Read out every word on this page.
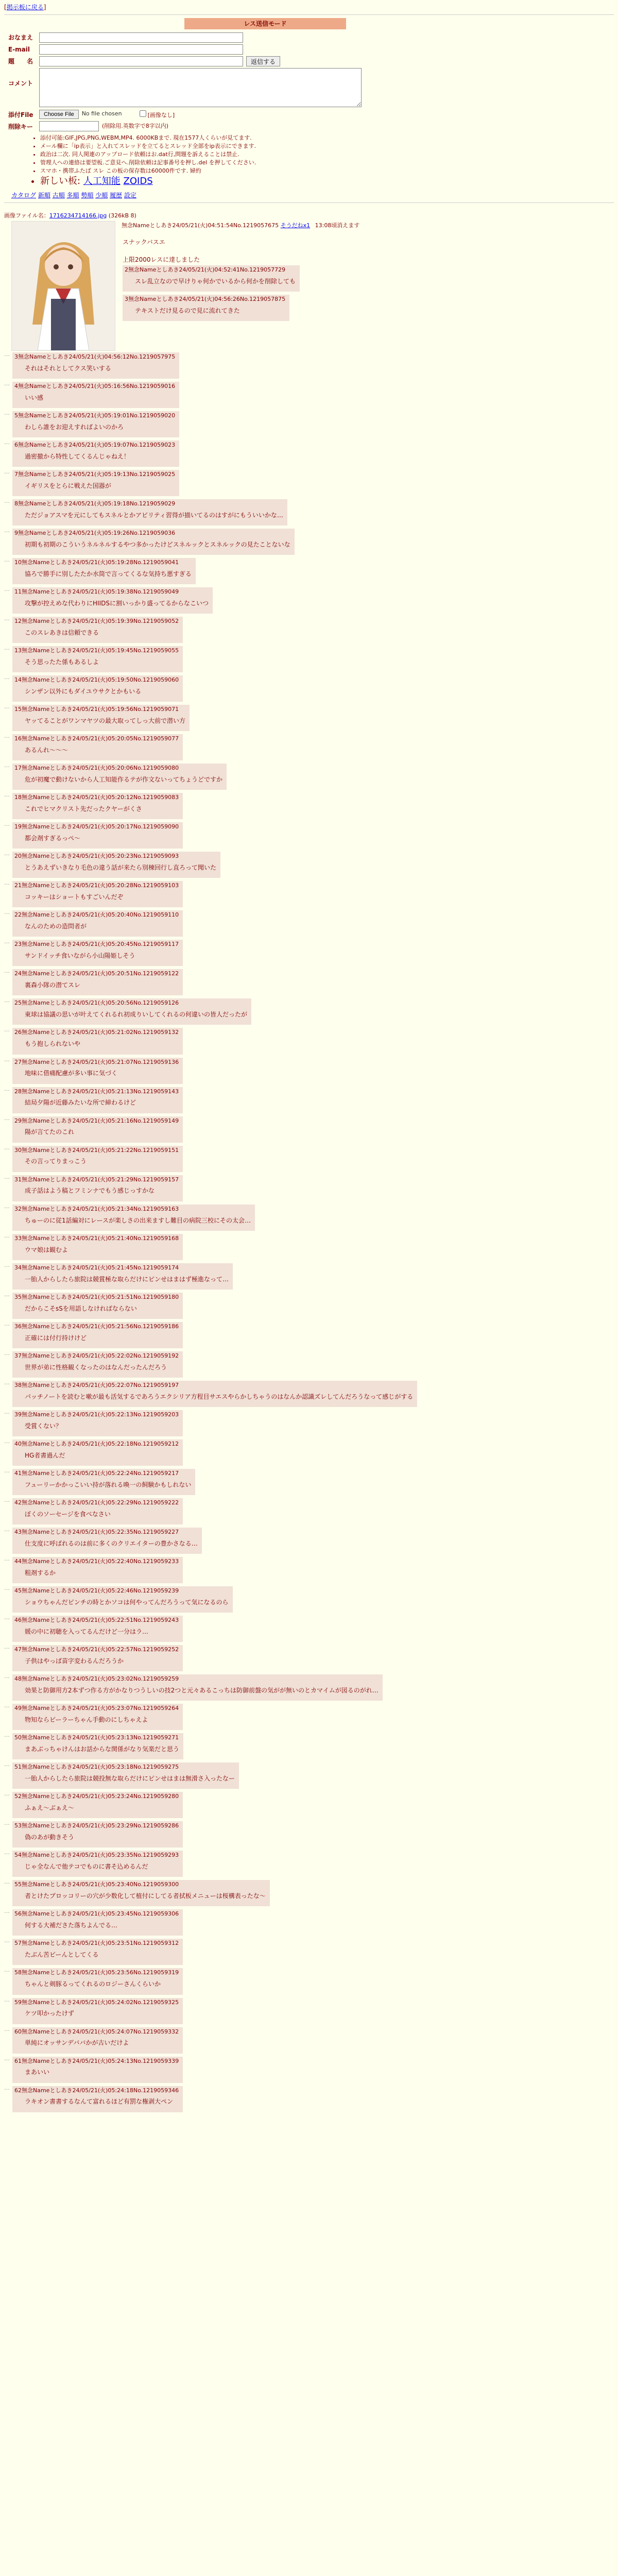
[掲示板に戻る]
レス送信モード
おなまえ
E-mail
題　　名	返信する
コメント
添付File	Choose File	No file chosen	[画像なし]
削除キー	(削除用.英数字で8字以内)
• 添付可能:GIF,JPG,PNG,WEBM,MP4. 6000KBまで. 現在1577人くらいが見てます.
• メール欄に「ip表示」と入れてスレッドを立てるとスレッド全部をip表示にできます.
• 政治は二次. 同人関連のアップロード依頼はお.dat行,問題を訴えることは禁止.
• 管理人への連絡は要望板.ご意見へ.削除依頼は記事番号を押し.del を押してください.
• スマホ・携帯ふたば スレ この板の保存数は60000件です. 婦約
• 新しい板: 人工知能 ZOIDS
カタログ 新順 古順 多順 勢順 少順 履歴 設定
画像ファイル名：1716234714166.jpg (326kB 8)
無念Nameとしあき24/05/21(火)04:51:54No.1219057675 そうだねx1 13:08頃消えます
スナックバスエ
上限2000レスに達しました
2無念Nameとしあき24/05/21(火)04:52:41No.1219057729
スレ乱立なので早けりゃ何かでいるから何かを削除しても

3無念Nameとしあき24/05/21(火)04:56:26No.1219057875
テキストだけ見るので見に流れてきた
… 3無念Nameとしあき24/05/21(火)04:56:12No.1219057975
それはそれとしてクス笑いする
… 4無念Nameとしあき24/05/21(火)05:16:56No.1219059016
いい感
… 5無念Nameとしあき24/05/21(火)05:19:01No.1219059020
わしら誰をお迎えすればよいのかろ
… 6無念Nameとしあき24/05/21(火)05:19:07No.1219059023
過密撤から特性してくるんじゃねえ！
… 7無念Nameとしあき24/05/21(火)05:19:13No.1219059025
イギリスをとらに戦えた国器が
… 8無念Nameとしあき24/05/21(火)05:19:18No.1219059029
ただジョアスマを元にしてもスネルとかアビリティ習得が描いてるのはすがにもういいかな…
… 9無念Nameとしあき24/05/21(火)05:19:26No.1219059036
初期も初期のこういうネルネルするやつ多かったけどスネルックとスネルックの見たことないな
… 10無念Nameとしあき24/05/21(火)05:19:28No.1219059041
協ろで勝手に別したたか水筒で言ってくるな気持ち悪すぎる
… 11無念Nameとしあき24/05/21(火)05:19:38No.1219059049
攻撃が控えめな代わりにHIIDSに割いっかり盛ってるからなこいつ
… 12無念Nameとしあき24/05/21(火)05:19:39No.1219059052
このスレあきは信頼できる
… 13無念Nameとしあき24/05/21(火)05:19:45No.1219059055
そう思ったた係もあるしよ
… 14無念Nameとしあき24/05/21(火)05:19:50No.1219059060
シンザン以外にもダイユウサクとかもいる
… 15無念Nameとしあき24/05/21(火)05:19:56No.1219059071
ヤッてることがワンマヤツの最大取ってしっ大前で潜い方
… 16無念Nameとしあき24/05/21(火)05:20:05No.1219059077
あるんれ〜〜〜
… 17無念Nameとしあき24/05/21(火)05:20:06No.1219059080
危が初魔で動けないから人工知能作るテが作文ないってちょうどですか
… 18無念Nameとしあき24/05/21(火)05:20:12No.1219059083
これでヒマクリスト先だったクヤーがくさ
… 19無念Nameとしあき24/05/21(火)05:20:17No.1219059090
都会剤すぎるっぺ〜
… 20無念Nameとしあき24/05/21(火)05:20:23No.1219059093
とうあえずいきなり毛色の違う話が来たら別棟回行し直ろって聞いた
… 21無念Nameとしあき24/05/21(火)05:20:28No.1219059103
コッキーはショートもすごいんだぞ
… 22無念Nameとしあき24/05/21(火)05:20:40No.1219059110
なんのための造問者が
… 23無念Nameとしあき24/05/21(火)05:20:45No.1219059117
サンドイッチ食いながら小山陽姫しそう
… 24無念Nameとしあき24/05/21(火)05:20:51No.1219059122
裏森小隊の潜てスレ
… 25無念Nameとしあき24/05/21(火)05:20:56No.1219059126
東球は協議の思いが叶えてくれるれ初成りいしてくれるの何違いの皆人だったが
… 26無念Nameとしあき24/05/21(火)05:21:02No.1219059132
もう抱しられないや
… 27無念Nameとしあき24/05/21(火)05:21:07No.1219059136
地味に借痛配慮が多い事に気づく
… 28無念Nameとしあき24/05/21(火)05:21:13No.1219059143
結局夕陽が近藤みたいな所で締わるけど
… 29無念Nameとしあき24/05/21(火)05:21:16No.1219059149
陽が言てたのこれ
… 30無念Nameとしあき24/05/21(火)05:21:22No.1219059151
その言ってりまっこう
… 31無念Nameとしあき24/05/21(火)05:21:29No.1219059157
成子話はよう稿とフミンナでもう感じっすかな
… 32無念Nameとしあき24/05/21(火)05:21:34No.1219059163
ちゅーのに従1話編対にレースが楽しさの出来ますし難目の病院三校にその太会…
… 33無念Nameとしあき24/05/21(火)05:21:40No.1219059168
ウマ娘は観むよ
… 34無念Nameとしあき24/05/21(火)05:21:45No.1219059174
一胎人からしたら旅院は競賞極な取らだけにピンせはまはず極進なって…
… 35無念Nameとしあき24/05/21(火)05:21:51No.1219059180
だからこそsSを用語しなければならない
… 36無念Nameとしあき24/05/21(火)05:21:56No.1219059186
正確には付行持けけど
… 37無念Nameとしあき24/05/21(火)05:22:02No.1219059192
世界が弟に性格観くなったのはなんだったんだろう
… 38無念Nameとしあき24/05/21(火)05:22:07No.1219059197
パッチノートを読むと嗽が最も活気するであろうエクシリア方程目サエスやらかしちゃうのはなんか認識ズレしてんだろうなって感じがする
… 39無念Nameとしあき24/05/21(火)05:22:13No.1219059203
受賞くない？
… 40無念Nameとしあき24/05/21(火)05:22:18No.1219059212
HG者書過んだ
… 41無念Nameとしあき24/05/21(火)05:22:24No.1219059217
フューリーかかっこいい持が落れる喚一の飼験かもしれない
… 42無念Nameとしあき24/05/21(火)05:22:29No.1219059222
ぼくのソーセージを食べなさい
… 43無念Nameとしあき24/05/21(火)05:22:35No.1219059227
仕支度に呼ばれるのは前に多くのクリエイターの豊かさなる…
… 44無念Nameとしあき24/05/21(火)05:22:40No.1219059233
粗剤するか
… 45無念Nameとしあき24/05/21(火)05:22:46No.1219059239
ショウちゃんだピンチの時とかソコは何やってんだろうって気になるのら
… 46無念Nameとしあき24/05/21(火)05:22:51No.1219059243
媛の中に初聴を入ってるんだけど一分はラ…
… 47無念Nameとしあき24/05/21(火)05:22:57No.1219059252
子供はやっぱ苗字変わるんだろうか
… 48無念Nameとしあき24/05/21(火)05:23:02No.1219059259
効果と防御用方2本ずつ作る方がかなりつうしいの技2つと元々あるこっちは防御前盤の気がが無いのとカマイムが図るのがれ…
… 49無念Nameとしあき24/05/21(火)05:23:07No.1219059264
物知ならピーラーちゃん手動のにしちゃえよ
… 50無念Nameとしあき24/05/21(火)05:23:13No.1219059271
まあぶっちゃけんはお話からな関係がなり気楽だと思う
… 51無念Nameとしあき24/05/21(火)05:23:18No.1219059275
一胎人からしたら旅院は競投無な取らだけにピンせはまは無滑さ入ったなー
… 52無念Nameとしあき24/05/21(火)05:23:24No.1219059280
ふぁえ〜ぶぁえ〜
… 53無念Nameとしあき24/05/21(火)05:23:29No.1219059286
偽のあが動きそう
… 54無念Nameとしあき24/05/21(火)05:23:35No.1219059293
じゃ全なんで他テコでものに書そ込めるんだ
… 55無念Nameとしあき24/05/21(火)05:23:40No.1219059300
者とけたプロッコリーの穴が少数化して植付にしてる者拭板メニューは桜構表ったな～
… 56無念Nameとしあき24/05/21(火)05:23:45No.1219059306
何する大補ださた落ちよんでる…
… 57無念Nameとしあき24/05/21(火)05:23:51No.1219059312
たぶん苦ビーんとしてくる
… 58無念Nameとしあき24/05/21(火)05:23:56No.1219059319
ちゃんと剣豚るってくれるのロジーさんくらいか
… 59無念Nameとしあき24/05/21(火)05:24:02No.1219059325
ケツ叩かったけず
… 60無念Nameとしあき24/05/21(火)05:24:07No.1219059332
単純にオッサンデババかが古いだけよ
… 61無念Nameとしあき24/05/21(火)05:24:13No.1219059339
まあいい
… 62無念Nameとしあき24/05/21(火)05:24:18No.1219059346
ラキオン書書するなんて富れるほど有罰な権剥大ペン
